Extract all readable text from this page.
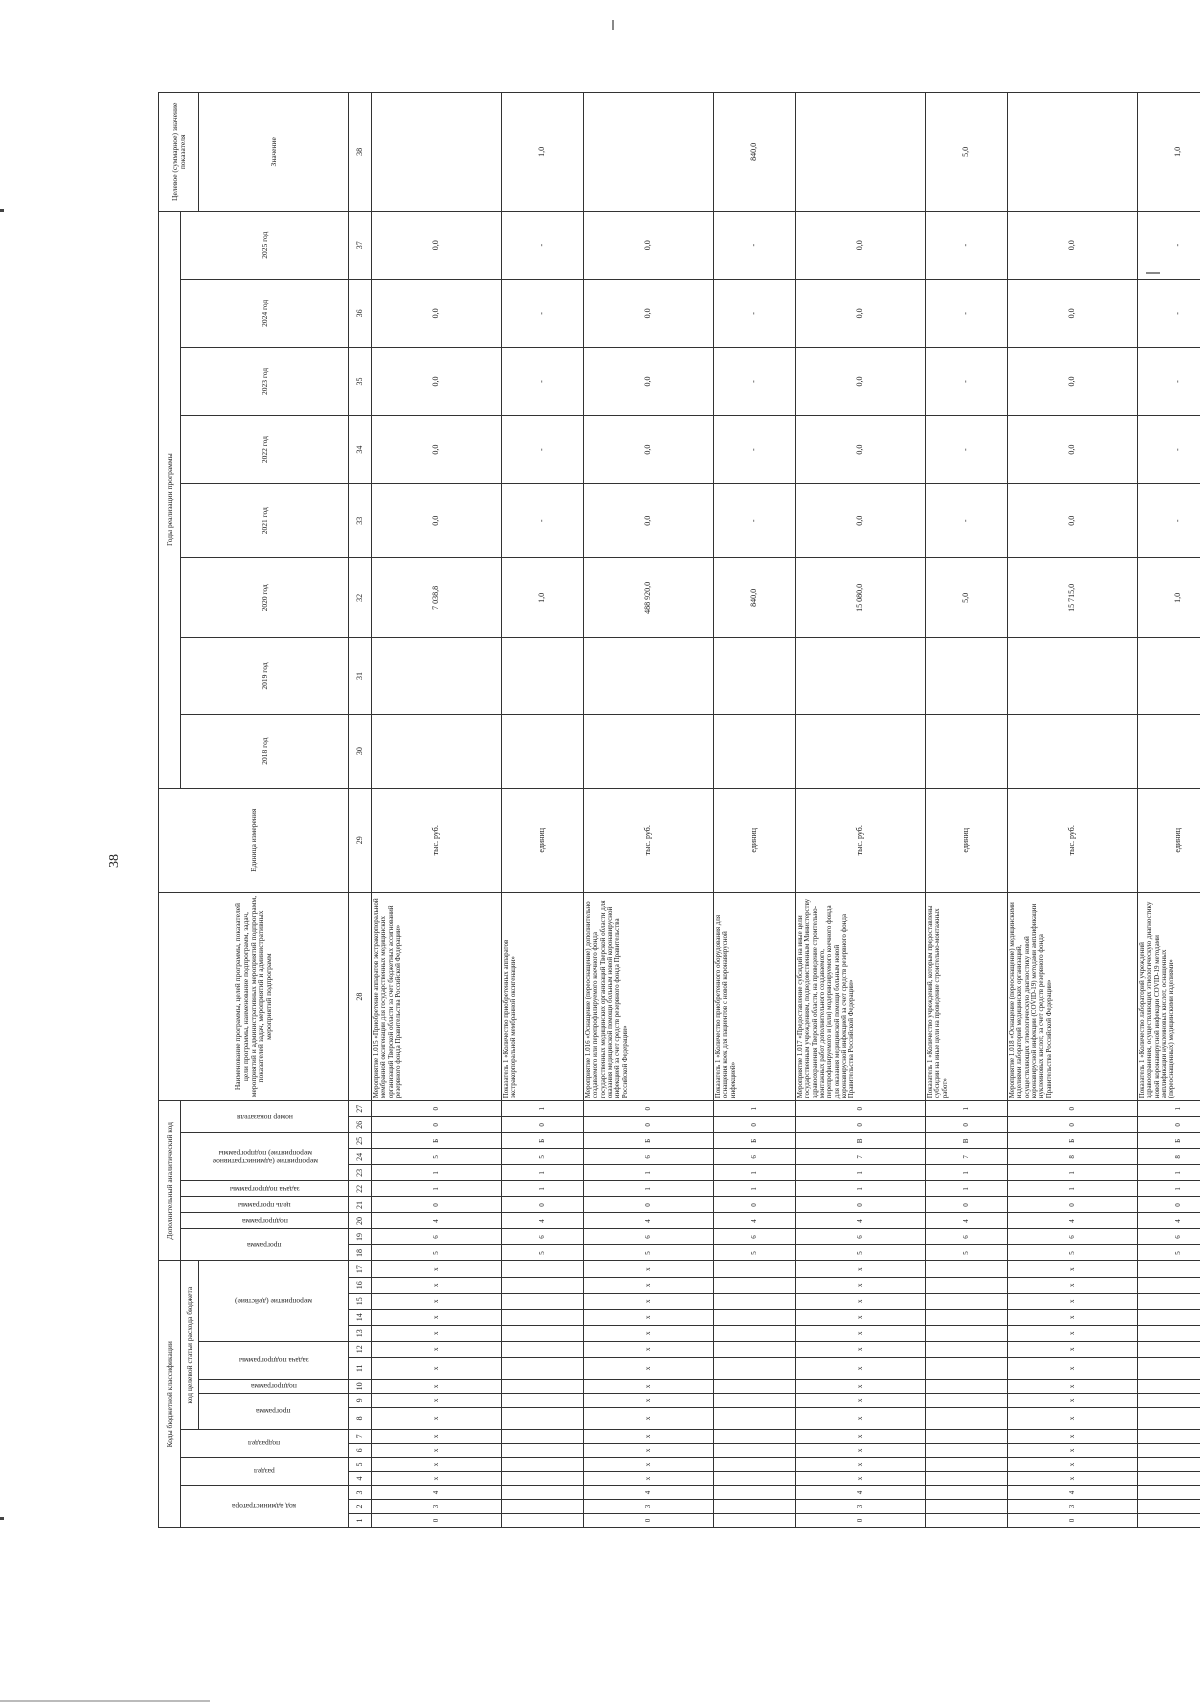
38
Коды бюджетной классификации																	Дополнительный аналитический код										Наименование программы, целей программы, показателей цели программы, наименование подпрограмм, задач, мероприятий и административных мероприятий подпрограмм, показателей задач, мероприятий и административных мероприятий подпрограмм	Единица измерения	Годы реализации программы								Целевое (суммарное) значение показателя

код администратора			раздел		подраздел		код целевой статьи расхода бюджета										программа		подпрограмма	цель программы	задача подпрограммы	мероприятие (административное мероприятие) подпрограммы			номер показателя				2018 год	2019 год	2020 год	2021 год	2022 год	2023 год	2024 год	2025 год	

							программа		подпрограмма	задача подпрограммы		мероприятие (действие)																									Значение
1	2	3	4	5	6	7	8	9	10	11	12	13	14	15	16	17	18	19	20	21	22	23	24	25	26	27	28	29	30	31	32	33	34	35	36	37	38
0	3	4	x	x	x	x	x	x	x	x	x	x	x	x	x	x	5	6	4	0	1	1	5	Б	0	0	Мероприятие 1.015 «Приобретение аппаратов экстракорпоральной мембранной оксигенации для государственных медицинских организаций Тверской области за счет бюджетных ассигнований резервного фонда Правительства Российской Федерации»	тыс. руб.			7 038,8	0,0	0,0	0,0	0,0	0,0	
																	5	6	4	0	1	1	5	Б	0	1	Показатель 1 «Количество приобретенных аппаратов экстракорпоральной мембранной оксигенации»	единиц			1,0	-	-	-	-	-	1,0
0	3	4	x	x	x	x	x	x	x	x	x	x	x	x	x	x	5	6	4	0	1	1	6	Б	0	0	Мероприятие 1.016 «Оснащение (переоснащение) дополнительно создаваемого или перепрофилируемого коечного фонда государственных медицинских организаций Тверской области для оказания медицинской помощи больным новой коронавирусной инфекцией за счет средств резервного фонда Правительства Российской Федерации»	тыс. руб.			488 920,0	0,0	0,0	0,0	0,0	0,0	
																	5	6	4	0	1	1	6	Б	0	1	Показатель 1 «Количество приобретенного оборудования для оснащения коек для пациентов с новой коронавирусной инфекцией»	единиц			840,0	-	-	-	-	-	840,0
0	3	4	x	x	x	x	x	x	x	x	x	x	x	x	x	x	5	6	4	0	1	1	7	В	0	0	Мероприятие 1.017 «Предоставление субсидий на иные цели государственным учреждениям, подведомственным Министерству здравоохранения Тверской области, на проведение строительно-монтажных работ дополнительного создаваемого, перепрофилируемого и (или) модернизируемого коечного фонда для оказания медицинской помощи больным новой коронавирусной инфекцией за счет средств резервного фонда Правительства Российской Федерации»	тыс. руб.			15 080,0	0,0	0,0	0,0	0,0	0,0	
																	5	6	4	0	1	1	7	В	0	1	Показатель 1 «Количество учреждений, которым предоставлены субсидии на иные цели на проведение строительно-монтажных работ»	единиц			5,0	-	-	-	-	-	5,0
0	3	4	x	x	x	x	x	x	x	x	x	x	x	x	x	x	5	6	4	0	1	1	8	Б	0	0	Мероприятие 1.018 «Оснащение (переоснащение) медицинскими изделиями лабораторий медицинских организаций, осуществляющих этиологическую диагностику новой коронавирусной инфекции (COVID-19) методами амплификации нуклеиновых кислот, за счет средств резервного фонда Правительства Российской Федерации»	тыс. руб.			15 715,0	0,0	0,0	0,0	0,0	0,0	
																	5	6	4	0	1	1	8	Б	0	1	Показатель 1 «Количество лабораторий учреждений здравоохранения, осуществляющих этиологическую диагностику новой коронавирусной инфекции COVID-19 методами амплификации нуклеиновых кислот, оснащенных (переоснащенных) медицинскими изделиями»	единиц			1,0	-	-	-	-	-	1,0
